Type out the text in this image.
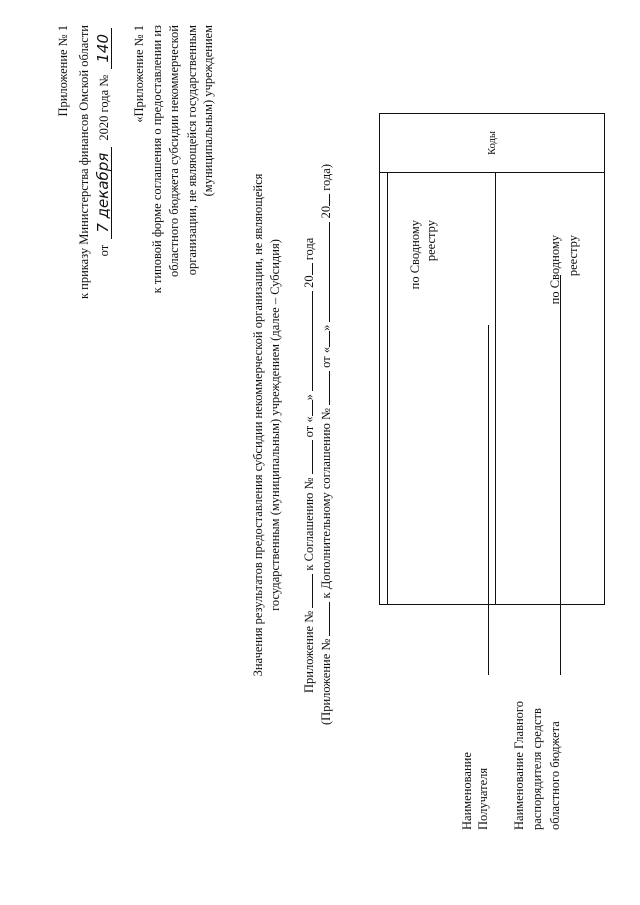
Приложение № 1 к приказу Министерства финансов Омской области от 7 декабря 2020 года № 140 «Приложение № 1 к типовой форме соглашения о предоставлении из областного бюджета субсидии некоммерческой организации, не являющейся государственным (муниципальным) учреждением
Значения результатов предоставления субсидии некоммерческой организации, не являющейся государственным (муниципальным) учреждением (далее – Субсидия)
Приложение №  к Соглашению №  от «»  20 года
(Приложение №  к Дополнительному соглашению №  от «»  20 года)
Наименование Получателя
по Сводному реестру
Наименование Главного распорядителя средств областного бюджета
по Сводному реестру
	Коды
